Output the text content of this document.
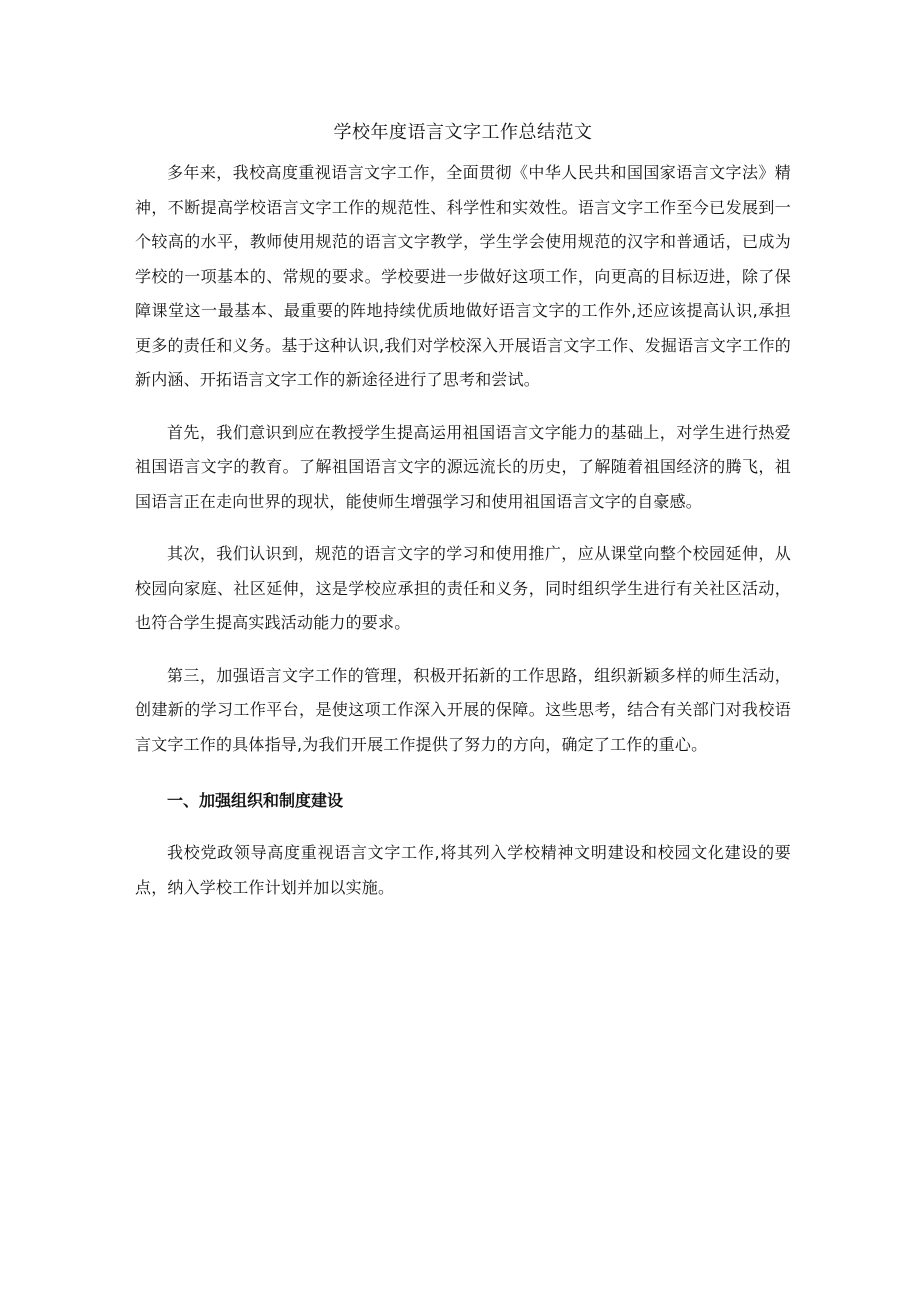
学校年度语言文字工作总结范文

多年来，我校高度重视语言文字工作，全面贯彻《中华人民共和国国家语言文字法》精神，不断提高学校语言文字工作的规范性、科学性和实效性。语言文字工作至今已发展到一个较高的水平，教师使用规范的语言文字教学，学生学会使用规范的汉字和普通话，已成为学校的一项基本的、常规的要求。学校要进一步做好这项工作，向更高的目标迈进，除了保障课堂这一最基本、最重要的阵地持续优质地做好语言文字的工作外,还应该提高认识,承担更多的责任和义务。基于这种认识,我们对学校深入开展语言文字工作、发掘语言文字工作的新内涵、开拓语言文字工作的新途径进行了思考和尝试。

首先，我们意识到应在教授学生提高运用祖国语言文字能力的基础上，对学生进行热爱祖国语言文字的教育。了解祖国语言文字的源远流长的历史，了解随着祖国经济的腾飞，祖国语言正在走向世界的现状，能使师生增强学习和使用祖国语言文字的自豪感。

其次，我们认识到，规范的语言文字的学习和使用推广，应从课堂向整个校园延伸，从校园向家庭、社区延伸，这是学校应承担的责任和义务，同时组织学生进行有关社区活动，也符合学生提高实践活动能力的要求。

第三，加强语言文字工作的管理，积极开拓新的工作思路，组织新颖多样的师生活动，创建新的学习工作平台，是使这项工作深入开展的保障。这些思考，结合有关部门对我校语言文字工作的具体指导,为我们开展工作提供了努力的方向，确定了工作的重心。

一、加强组织和制度建设

我校党政领导高度重视语言文字工作,将其列入学校精神文明建设和校园文化建设的要点，纳入学校工作计划并加以实施。
